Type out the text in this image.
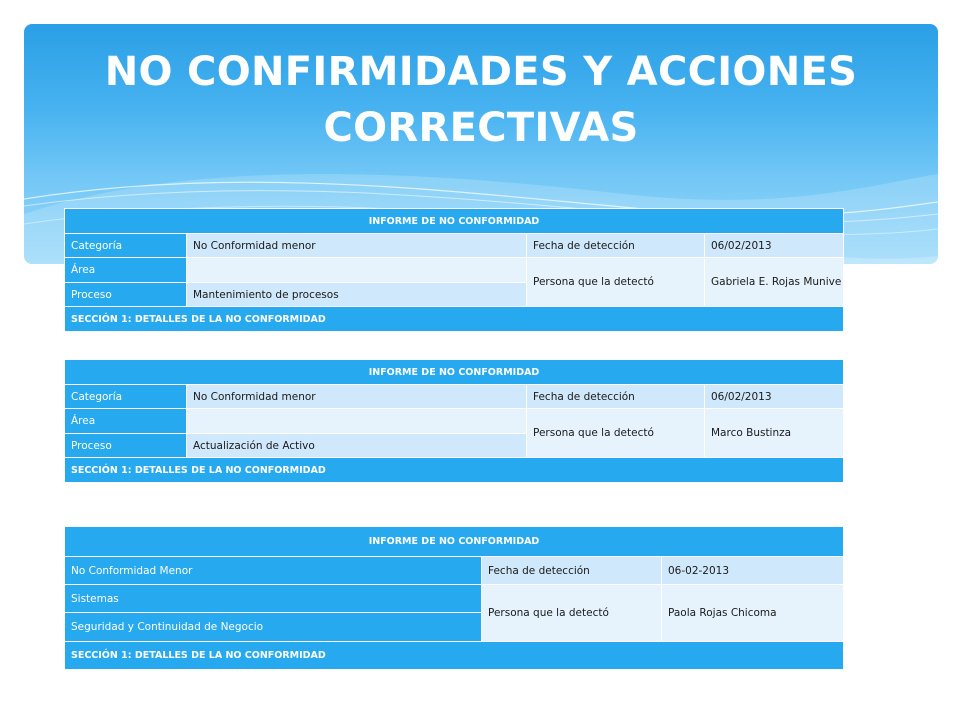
NO CONFIRMIDADES Y ACCIONES
CORRECTIVAS
INFORME DE NO CONFORMIDAD			
Categoría	No Conformidad menor	Fecha de detección	06/02/2013
Área		Persona que la detectó	Gabriela E. Rojas Munive
Proceso	Mantenimiento de procesos		
SECCIÓN 1: DETALLES DE LA NO CONFORMIDAD			
INFORME DE NO CONFORMIDAD			
Categoría	No Conformidad menor	Fecha de detección	06/02/2013
Área		Persona que la detectó	Marco Bustinza
Proceso	Actualización de Activo		
SECCIÓN 1: DETALLES DE LA NO CONFORMIDAD			
INFORME DE NO CONFORMIDAD		
No Conformidad Menor	Fecha de detección	06-02-2013
Sistemas	Persona que la detectó	Paola Rojas Chicoma
Seguridad y Continuidad de Negocio		
SECCIÓN 1: DETALLES DE LA NO CONFORMIDAD		
